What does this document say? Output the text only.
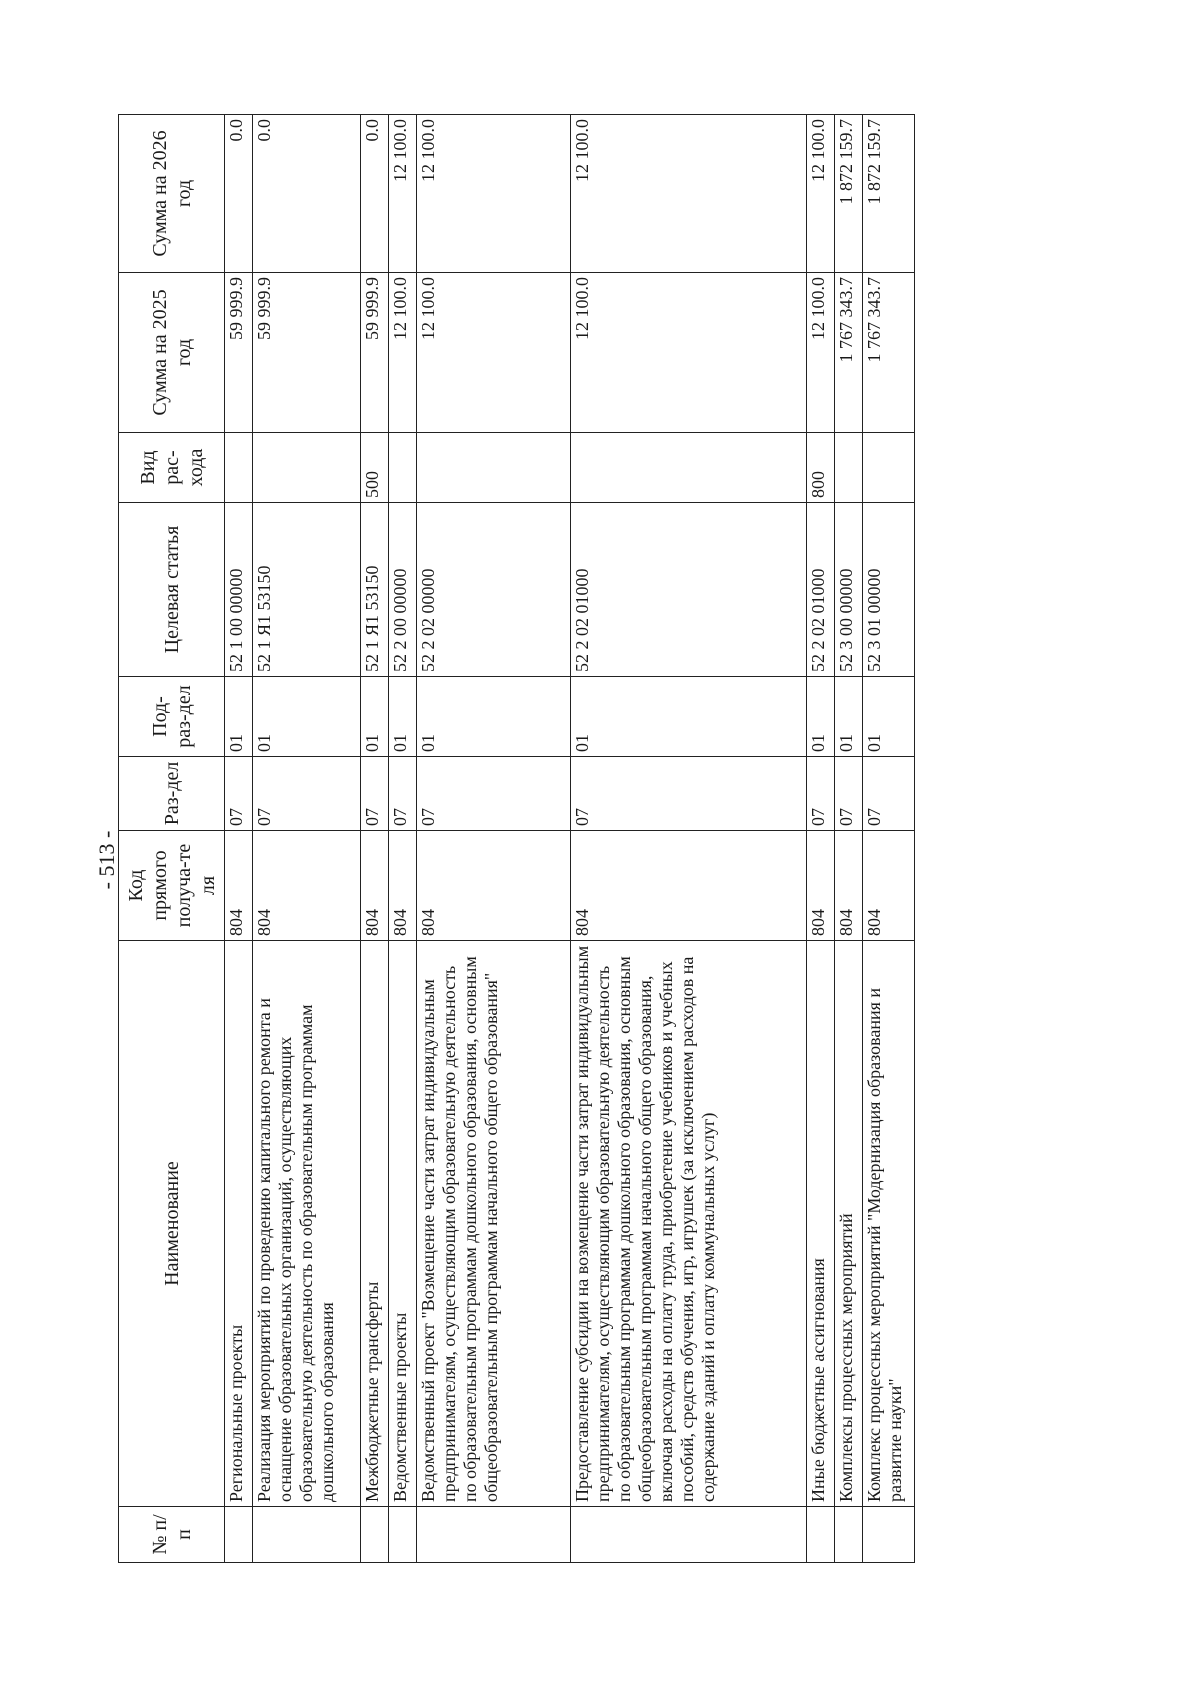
- 513 -
№ п/п	Наименование	Код прямого получа-те ля	Раз-дел	Под-раз-дел	Целевая статья	Вид рас-хода	Сумма на 2025 год	Сумма на 2026 год
	Региональные проекты	804	07	01	52 1 00 00000		59 999.9	0.0
	Реализация мероприятий по проведению капитального ремонта и оснащение образовательных организаций, осуществляющих образовательную деятельность по образовательным программам дошкольного образования	804	07	01	52 1 Я1 53150		59 999.9	0.0
	Межбюджетные трансферты	804	07	01	52 1 Я1 53150	500	59 999.9	0.0
	Ведомственные проекты	804	07	01	52 2 00 00000		12 100.0	12 100.0
	Ведомственный проект "Возмещение части затрат индивидуальным предпринимателям, осуществляющим образовательную деятельность по образовательным программам дошкольного образования, основным общеобразовательным программам начального общего образования"	804	07	01	52 2 02 00000		12 100.0	12 100.0
	Предоставление субсидии на возмещение части затрат индивидуальным предпринимателям, осуществляющим образовательную деятельность по образовательным программам дошкольного образования, основным общеобразовательным программам начального общего образования, включая расходы на оплату труда, приобретение учебников и учебных пособий, средств обучения, игр, игрушек (за исключением расходов на содержание зданий и оплату коммунальных услуг)	804	07	01	52 2 02 01000		12 100.0	12 100.0
	Иные бюджетные ассигнования	804	07	01	52 2 02 01000	800	12 100.0	12 100.0
	Комплексы процессных мероприятий	804	07	01	52 3 00 00000		1 767 343.7	1 872 159.7
	Комплекс процессных мероприятий "Модернизация образования и развитие науки"	804	07	01	52 3 01 00000		1 767 343.7	1 872 159.7
